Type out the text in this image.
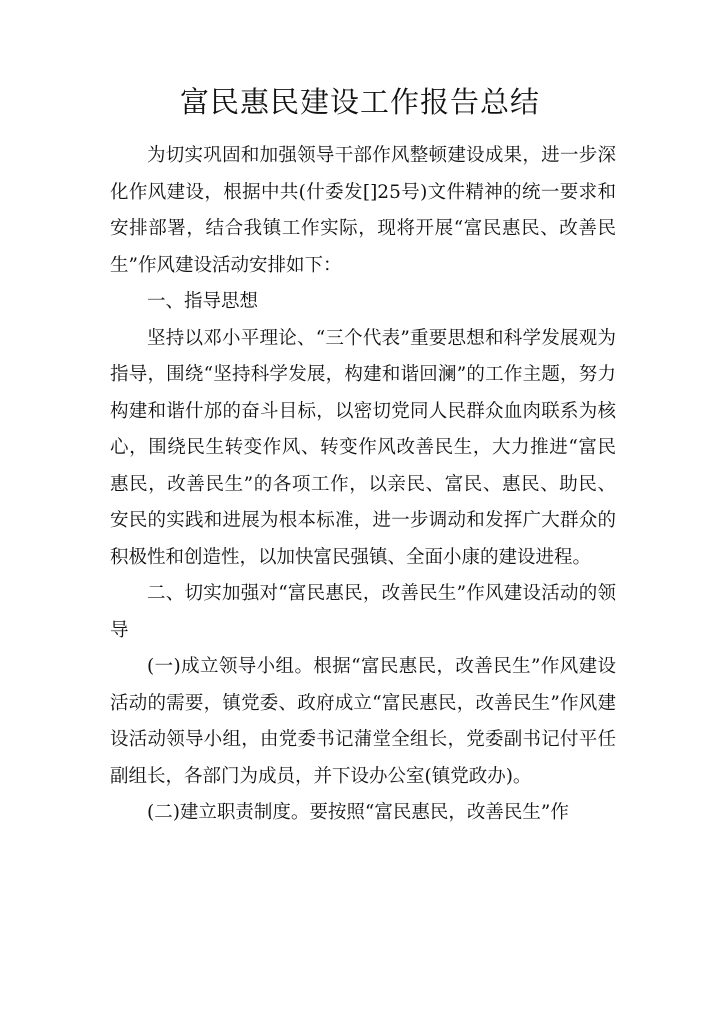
富民惠民建设工作报告总结

为切实巩固和加强领导干部作风整顿建设成果，进一步深化作风建设，根据中共(什委发[]25号)文件精神的统一要求和安排部署，结合我镇工作实际，现将开展“富民惠民、改善民生”作风建设活动安排如下：

一、指导思想

坚持以邓小平理论、“三个代表”重要思想和科学发展观为指导，围绕“坚持科学发展，构建和谐回澜”的工作主题，努力构建和谐什邡的奋斗目标，以密切党同人民群众血肉联系为核心，围绕民生转变作风、转变作风改善民生，大力推进“富民惠民，改善民生”的各项工作，以亲民、富民、惠民、助民、安民的实践和进展为根本标准，进一步调动和发挥广大群众的积极性和创造性，以加快富民强镇、全面小康的建设进程。

二、切实加强对“富民惠民，改善民生”作风建设活动的领导

(一)成立领导小组。根据“富民惠民，改善民生”作风建设活动的需要，镇党委、政府成立“富民惠民，改善民生”作风建设活动领导小组，由党委书记蒲堂全组长，党委副书记付平任副组长，各部门为成员，并下设办公室(镇党政办)。

(二)建立职责制度。要按照“富民惠民，改善民生”作
